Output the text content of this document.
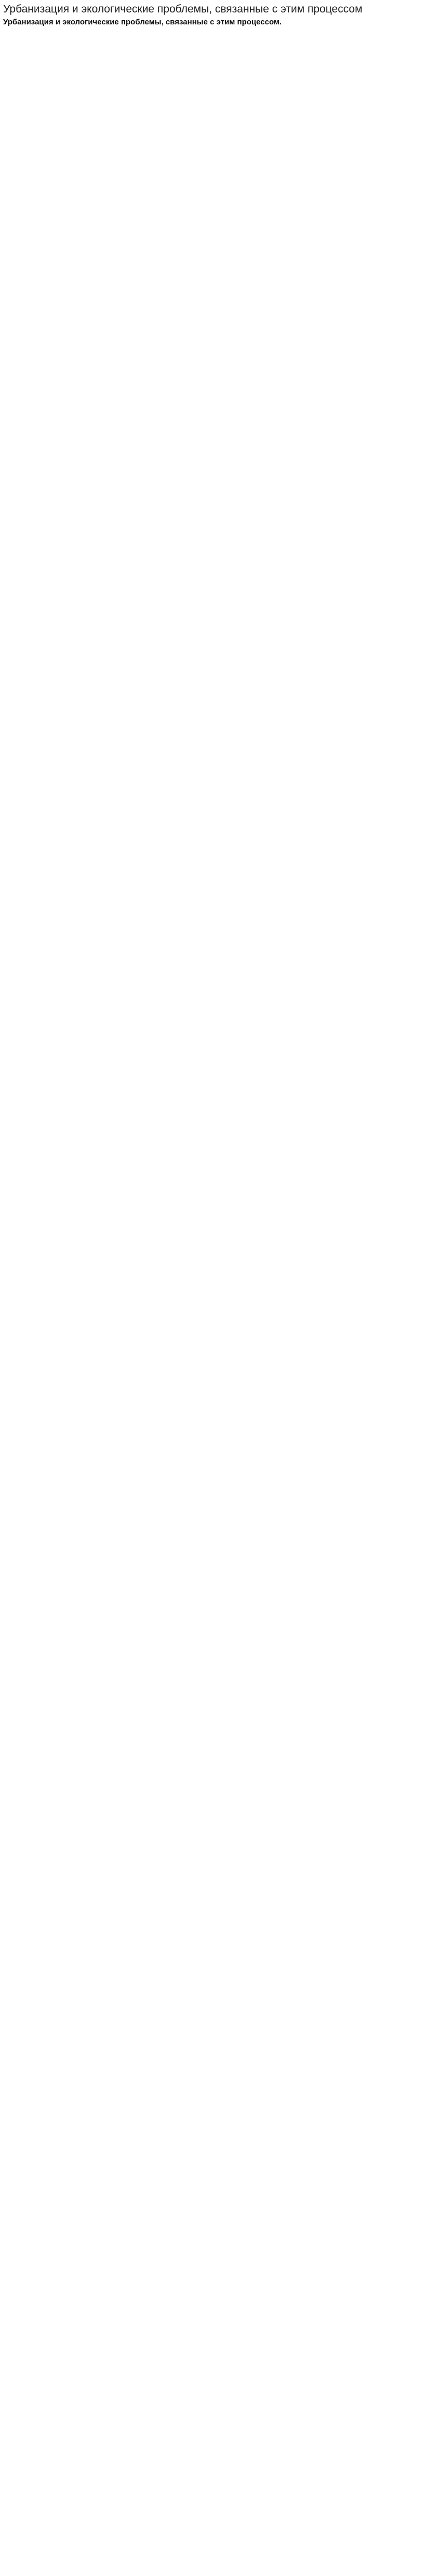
Урбанизация и экологические проблемы, связанные с этим процессом
Урбанизация и экологические проблемы, связанные с этим процессом.
